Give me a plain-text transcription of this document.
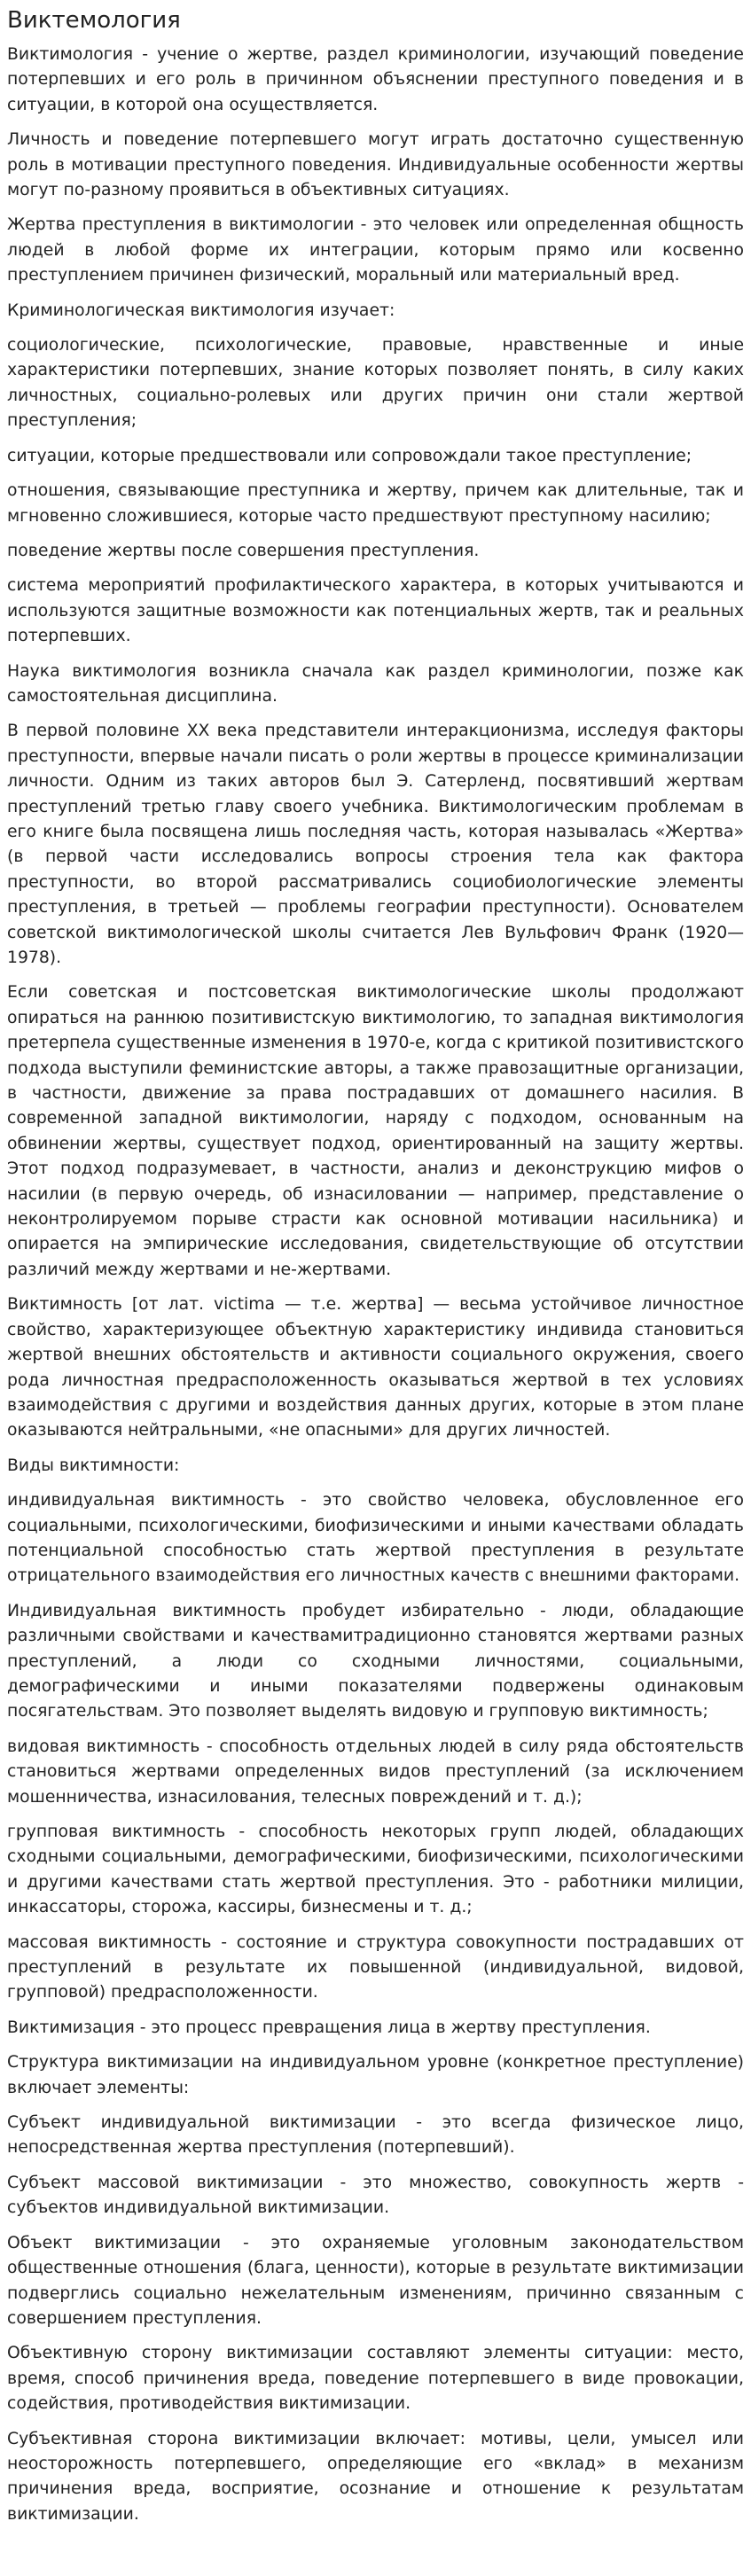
Виктемология

Виктимология - учение о жертве, раздел криминологии, изучающий поведение потерпевших и его роль в причинном объяснении преступного поведения и в ситуации, в которой она осуществляется.

Личность и поведение потерпевшего могут играть достаточно существенную роль в мотивации преступного поведения. Индивидуальные особенности жертвы могут по-разному проявиться в объективных ситуациях.

Жертва преступления в виктимологии - это человек или определенная общность людей в любой форме их интеграции, которым прямо или косвенно преступлением причинен физический, моральный или материальный вред.

Криминологическая виктимология изучает:

социологические, психологические, правовые, нравственные и иные характеристики потерпевших, знание которых позволяет понять, в силу каких личностных, социально-ролевых или других причин они стали жертвой преступления;

ситуации, которые предшествовали или сопровождали такое преступление;

отношения, связывающие преступника и жертву, причем как длительные, так и мгновенно сложившиеся, которые часто предшествуют преступному насилию;

поведение жертвы после совершения преступления.

система мероприятий профилактического характера, в которых учитываются и используются защитные возможности как потенциальных жертв, так и реальных потерпевших.

Наука виктимология возникла сначала как раздел криминологии, позже как самостоятельная дисциплина.

В первой половине XX века представители интеракционизма, исследуя факторы преступности, впервые начали писать о роли жертвы в процессе криминализации личности. Одним из таких авторов был Э. Сатерленд, посвятивший жертвам преступлений третью главу своего учебника. Виктимологическим проблемам в его книге была посвящена лишь последняя часть, которая называлась «Жертва» (в первой части исследовались вопросы строения тела как фактора преступности, во второй рассматривались социобиологические элементы преступления, в третьей — проблемы географии преступности). Основателем советской виктимологической школы считается Лев Вульфович Франк (1920—1978).

Если советская и постсоветская виктимологические школы продолжают опираться на раннюю позитивистскую виктимологию, то западная виктимология претерпела существенные изменения в 1970-е, когда с критикой позитивистского подхода выступили феминистские авторы, а также правозащитные организации, в частности, движение за права пострадавших от домашнего насилия. В современной западной виктимологии, наряду с подходом, основанным на обвинении жертвы, существует подход, ориентированный на защиту жертвы. Этот подход подразумевает, в частности, анализ и деконструкцию мифов о насилии (в первую очередь, об изнасиловании — например, представление о неконтролируемом порыве страсти как основной мотивации насильника) и опирается на эмпирические исследования, свидетельствующие об отсутствии различий между жертвами и не-жертвами.

Виктимность [от лат. victima — т.е. жертва] — весьма устойчивое личностное свойство, характеризующее объектную характеристику индивида становиться жертвой внешних обстоятельств и активности социального окружения, своего рода личностная предрасположенность оказываться жертвой в тех условиях взаимодействия с другими и воздействия данных других, которые в этом плане оказываются нейтральными, «не опасными» для других личностей.

Виды виктимности:

индивидуальная виктимность - это свойство человека, обусловленное его социальными, психологическими, биофизическими и иными качествами обладать потенциальной способностью стать жертвой преступления в результате отрицательного взаимодействия его личностных качеств с внешними факторами.

Индивидуальная виктимность пробудет избирательно - люди, обладающие различными свойствами и качествамитрадиционно становятся жертвами разных преступлений, а люди со сходными личностями, социальными, демографическими и иными показателями подвержены одинаковым посягательствам. Это позволяет выделять видовую и групповую виктимность;

видовая виктимность - способность отдельных людей в силу ряда обстоятельств становиться жертвами определенных видов преступлений (за исключением мошенничества, изнасилования, телесных повреждений и т. д.);

групповая виктимность - способность некоторых групп людей, обладающих сходными социальными, демографическими, биофизическими, психологическими и другими качествами стать жертвой преступления. Это - работники милиции, инкассаторы, сторожа, кассиры, бизнесмены и т. д.;

массовая виктимность - состояние и структура совокупности пострадавших от преступлений в результате их повышенной (индивидуальной, видовой, групповой) предрасположенности.

Виктимизация - это процесс превращения лица в жертву преступления.

Структура виктимизации на индивидуальном уровне (конкретное преступление) включает элементы:

Субъект индивидуальной виктимизации - это всегда физическое лицо, непосредственная жертва преступления (потерпевший).

Субъект массовой виктимизации - это множество, совокупность жертв - субъектов индивидуальной виктимизации.

Объект виктимизации - это охраняемые уголовным законодательством общественные отношения (блага, ценности), которые в результате виктимизации подверглись социально нежелательным изменениям, причинно связанным с совершением преступления.

Объективную сторону виктимизации составляют элементы ситуации: место, время, способ причинения вреда, поведение потерпевшего в виде провокации, содействия, противодействия виктимизации.

Субъективная сторона виктимизации включает: мотивы, цели, умысел или неосторожность потерпевшего, определяющие его «вклад» в механизм причинения вреда, восприятие, осознание и отношение к результатам виктимизации.
